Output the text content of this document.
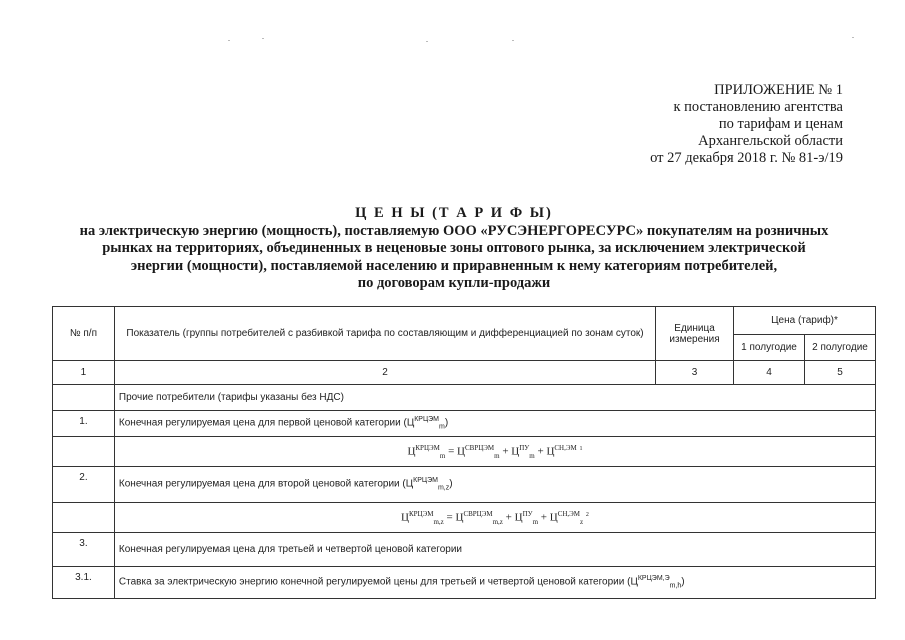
ПРИЛОЖЕНИЕ № 1
к постановлению агентства
по тарифам и ценам
Архангельской области
от 27 декабря 2018 г. № 81-э/19
Ц Е Н Ы (Т А Р И Ф Ы)
на электрическую энергию (мощность), поставляемую ООО «РУСЭНЕРГОРЕСУРС» покупателям на розничных
рынках на территориях, объединенных в неценовые зоны оптового рынка, за исключением электрической
энергии (мощности), поставляемой населению и приравненным к нему категориям потребителей,
по договорам купли-продажи
№ п/п	Показатель (группы потребителей с разбивкой тарифа по составляющим и дифференциацией по зонам суток)	Единица измерения	Цена (тариф)*	
			1 полугодие	2 полугодие
1	2	3	4	5
	Прочие потребители (тарифы указаны без НДС)			
1.	Конечная регулируемая цена для первой ценовой категории $(Ц^{КРЦЭМ}_m)$			
	$Ц^{КРЦЭМ}_m = Ц^{СВРЦЭМ}_m + Ц^{ПУ}_m + Ц^{СН,ЭМ}$ $^1$
2.	Конечная регулируемая цена для второй ценовой категории $(Ц^{КРЦЭМ}_{m,z})$			
	$Ц^{КРЦЭМ}_{m,z} = Ц^{СВРЦЭМ}_{m,z} + Ц^{ПУ}_m + Ц^{СН,ЭМ}_z$ $^2$
3.	Конечная регулируемая цена для третьей и четвертой ценовой категории			
3.1.	Ставка за электрическую энергию конечной регулируемой цены для третьей и четвертой ценовой категории $(Ц^{КРЦЭМ,Э}_{m,h})$			
